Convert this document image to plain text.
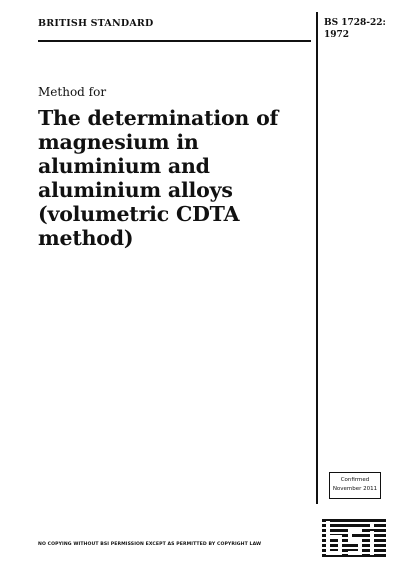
BRITISH STANDARD	BS 1728-22:
1972
Method for
The determination of
magnesium in
aluminium and
aluminium alloys
(volumetric CDTA
method)
Confirmed
November 2011
NO COPYING WITHOUT BSI PERMISSION EXCEPT AS PERMITTED BY COPYRIGHT LAW
